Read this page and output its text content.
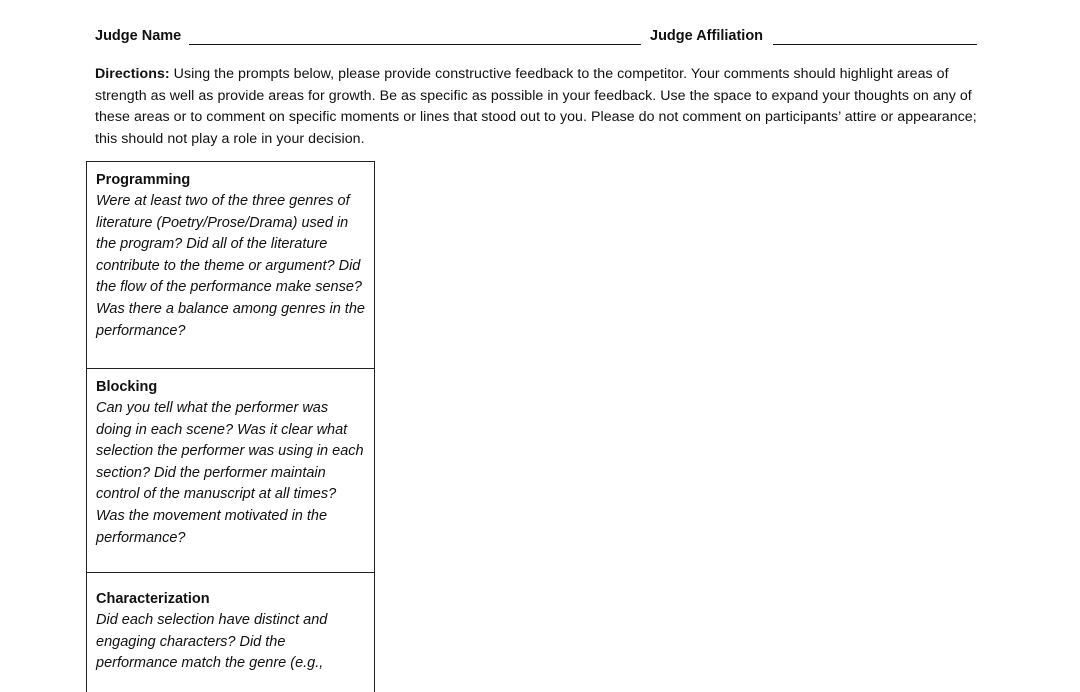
Judge Name	Judge Affiliation
Directions: Using the prompts below, please provide constructive feedback to the competitor. Your comments should highlight areas of strength as well as provide areas for growth. Be as specific as possible in your feedback. Use the space to expand your thoughts on any of these areas or to comment on specific moments or lines that stood out to you. Please do not comment on participants’ attire or appearance; this should not play a role in your decision.
Programming
Were at least two of the three genres of literature (Poetry/Prose/Drama) used in the program? Did all of the literature contribute to the theme or argument? Did the flow of the performance make sense? Was there a balance among genres in the performance?
Blocking
Can you tell what the performer was doing in each scene? Was it clear what selection the performer was using in each section? Did the performer maintain control of the manuscript at all times? Was the movement motivated in the performance?
Characterization
Did each selection have distinct and engaging characters? Did the performance match the genre (e.g.,
